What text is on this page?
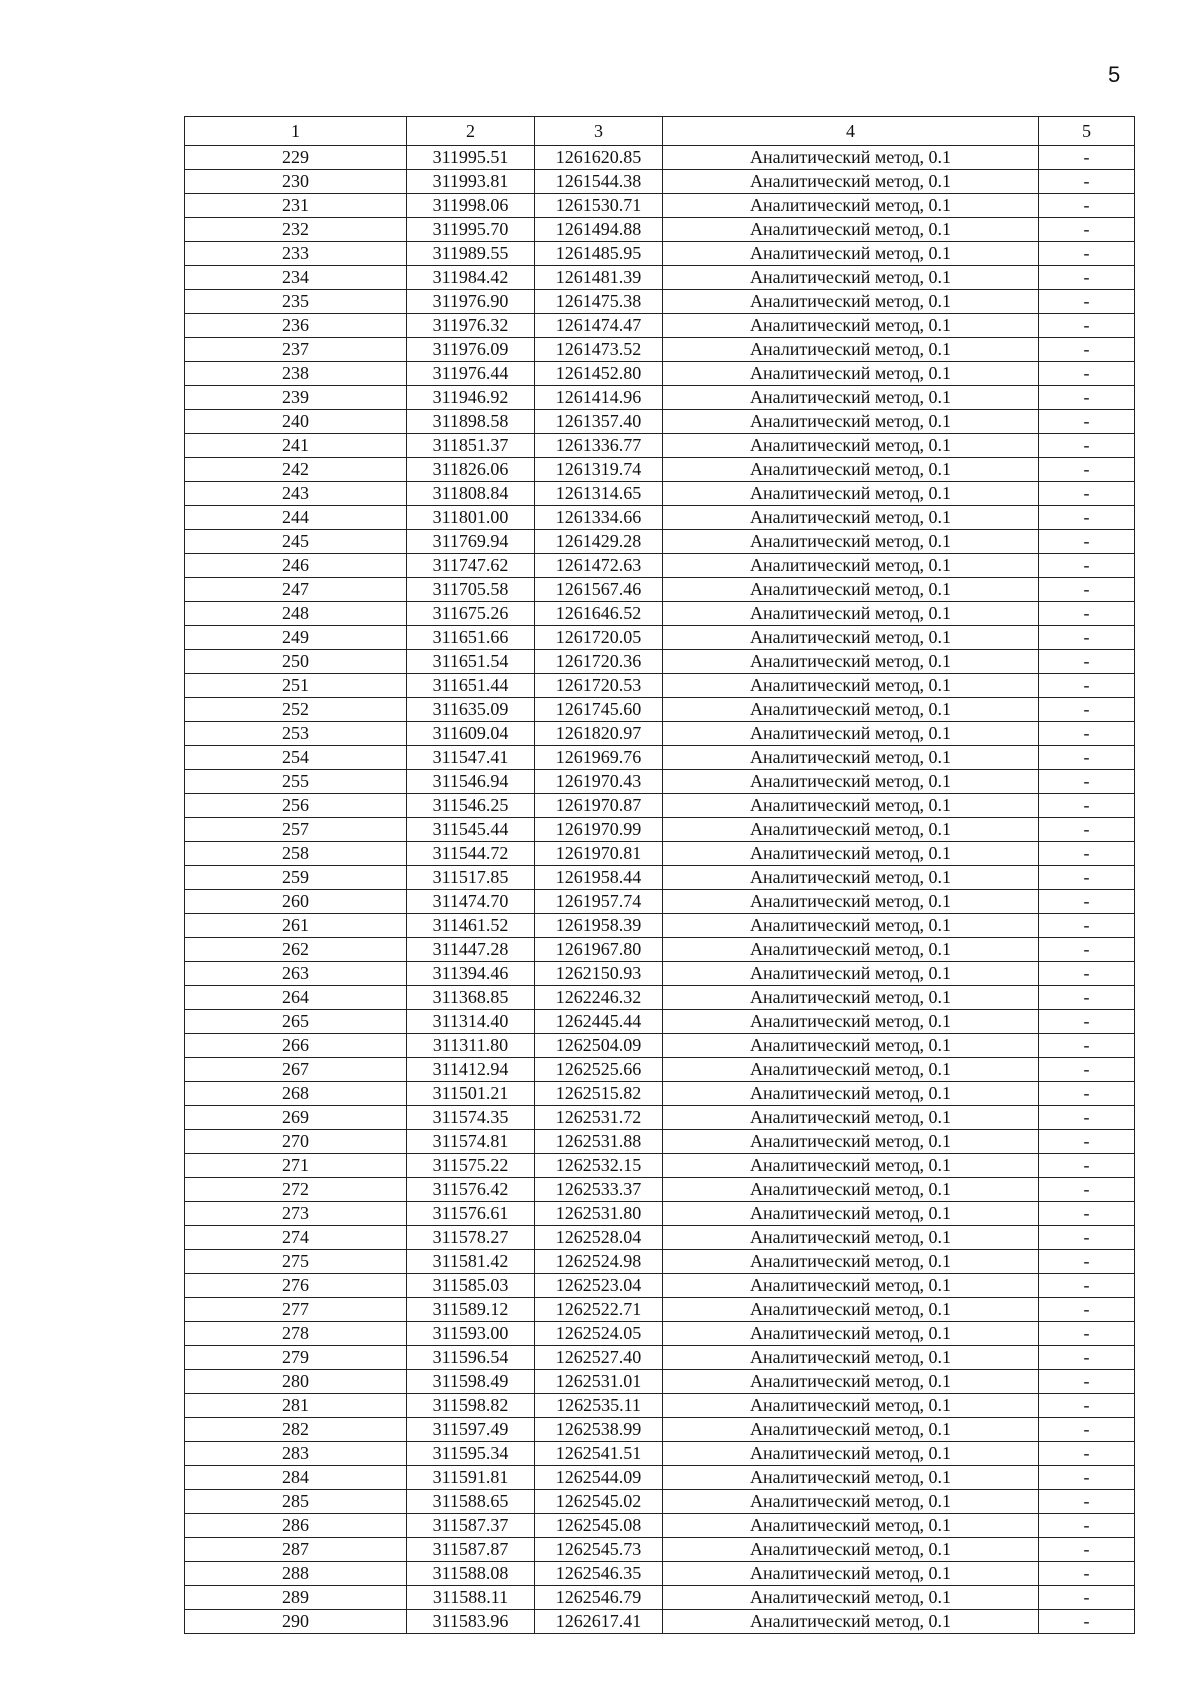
5
1	2	3	4	5
229	311995.51	1261620.85	Аналитический метод, 0.1	-
230	311993.81	1261544.38	Аналитический метод, 0.1	-
231	311998.06	1261530.71	Аналитический метод, 0.1	-
232	311995.70	1261494.88	Аналитический метод, 0.1	-
233	311989.55	1261485.95	Аналитический метод, 0.1	-
234	311984.42	1261481.39	Аналитический метод, 0.1	-
235	311976.90	1261475.38	Аналитический метод, 0.1	-
236	311976.32	1261474.47	Аналитический метод, 0.1	-
237	311976.09	1261473.52	Аналитический метод, 0.1	-
238	311976.44	1261452.80	Аналитический метод, 0.1	-
239	311946.92	1261414.96	Аналитический метод, 0.1	-
240	311898.58	1261357.40	Аналитический метод, 0.1	-
241	311851.37	1261336.77	Аналитический метод, 0.1	-
242	311826.06	1261319.74	Аналитический метод, 0.1	-
243	311808.84	1261314.65	Аналитический метод, 0.1	-
244	311801.00	1261334.66	Аналитический метод, 0.1	-
245	311769.94	1261429.28	Аналитический метод, 0.1	-
246	311747.62	1261472.63	Аналитический метод, 0.1	-
247	311705.58	1261567.46	Аналитический метод, 0.1	-
248	311675.26	1261646.52	Аналитический метод, 0.1	-
249	311651.66	1261720.05	Аналитический метод, 0.1	-
250	311651.54	1261720.36	Аналитический метод, 0.1	-
251	311651.44	1261720.53	Аналитический метод, 0.1	-
252	311635.09	1261745.60	Аналитический метод, 0.1	-
253	311609.04	1261820.97	Аналитический метод, 0.1	-
254	311547.41	1261969.76	Аналитический метод, 0.1	-
255	311546.94	1261970.43	Аналитический метод, 0.1	-
256	311546.25	1261970.87	Аналитический метод, 0.1	-
257	311545.44	1261970.99	Аналитический метод, 0.1	-
258	311544.72	1261970.81	Аналитический метод, 0.1	-
259	311517.85	1261958.44	Аналитический метод, 0.1	-
260	311474.70	1261957.74	Аналитический метод, 0.1	-
261	311461.52	1261958.39	Аналитический метод, 0.1	-
262	311447.28	1261967.80	Аналитический метод, 0.1	-
263	311394.46	1262150.93	Аналитический метод, 0.1	-
264	311368.85	1262246.32	Аналитический метод, 0.1	-
265	311314.40	1262445.44	Аналитический метод, 0.1	-
266	311311.80	1262504.09	Аналитический метод, 0.1	-
267	311412.94	1262525.66	Аналитический метод, 0.1	-
268	311501.21	1262515.82	Аналитический метод, 0.1	-
269	311574.35	1262531.72	Аналитический метод, 0.1	-
270	311574.81	1262531.88	Аналитический метод, 0.1	-
271	311575.22	1262532.15	Аналитический метод, 0.1	-
272	311576.42	1262533.37	Аналитический метод, 0.1	-
273	311576.61	1262531.80	Аналитический метод, 0.1	-
274	311578.27	1262528.04	Аналитический метод, 0.1	-
275	311581.42	1262524.98	Аналитический метод, 0.1	-
276	311585.03	1262523.04	Аналитический метод, 0.1	-
277	311589.12	1262522.71	Аналитический метод, 0.1	-
278	311593.00	1262524.05	Аналитический метод, 0.1	-
279	311596.54	1262527.40	Аналитический метод, 0.1	-
280	311598.49	1262531.01	Аналитический метод, 0.1	-
281	311598.82	1262535.11	Аналитический метод, 0.1	-
282	311597.49	1262538.99	Аналитический метод, 0.1	-
283	311595.34	1262541.51	Аналитический метод, 0.1	-
284	311591.81	1262544.09	Аналитический метод, 0.1	-
285	311588.65	1262545.02	Аналитический метод, 0.1	-
286	311587.37	1262545.08	Аналитический метод, 0.1	-
287	311587.87	1262545.73	Аналитический метод, 0.1	-
288	311588.08	1262546.35	Аналитический метод, 0.1	-
289	311588.11	1262546.79	Аналитический метод, 0.1	-
290	311583.96	1262617.41	Аналитический метод, 0.1	-
